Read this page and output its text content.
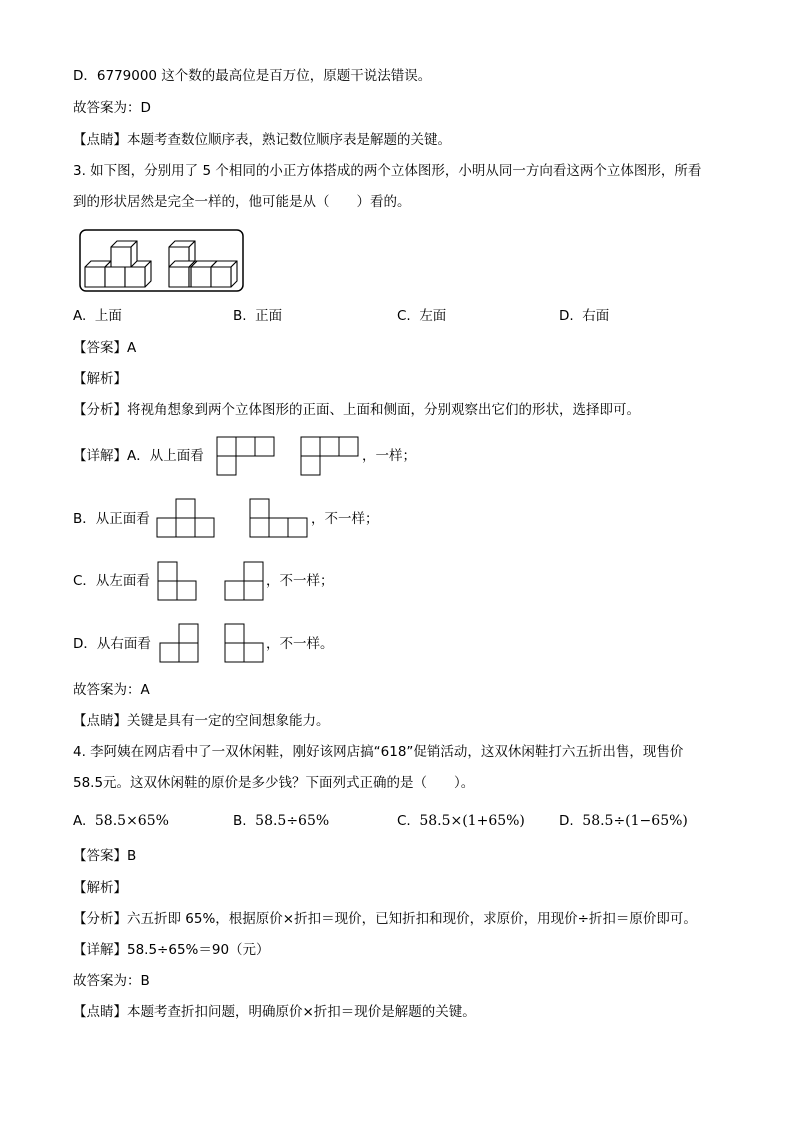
D．6779000 这个数的最高位是百万位，原题干说法错误。
故答案为：D
【点睛】本题考查数位顺序表，熟记数位顺序表是解题的关键。
3. 如下图，分别用了 5 个相同的小正方体搭成的两个立体图形，小明从同一方向看这两个立体图形，所看
到的形状居然是完全一样的，他可能是从（　　）看的。
A. 上面	B. 正面	C. 左面	D. 右面
【答案】A
【解析】
【分析】将视角想象到两个立体图形的正面、上面和侧面，分别观察出它们的形状，选择即可。
【详解】A．从上面看	，一样；
B．从正面看	，不一样；
C．从左面看	，不一样；
D．从右面看	，不一样。
故答案为：A
【点睛】关键是具有一定的空间想象能力。
4. 李阿姨在网店看中了一双休闲鞋，刚好该网店搞“618”促销活动，这双休闲鞋打六五折出售，现售价
58.5元。这双休闲鞋的原价是多少钱？下面列式正确的是（　　）。
A. 58.5×65%	B. 58.5÷65%	C. 58.5×(1+65%)	D. 58.5÷(1−65%)
【答案】B
【解析】
【分析】六五折即 65%，根据原价×折扣＝现价，已知折扣和现价，求原价，用现价÷折扣＝原价即可。
【详解】58.5÷65%＝90（元）
故答案为：B
【点睛】本题考查折扣问题，明确原价×折扣＝现价是解题的关键。
